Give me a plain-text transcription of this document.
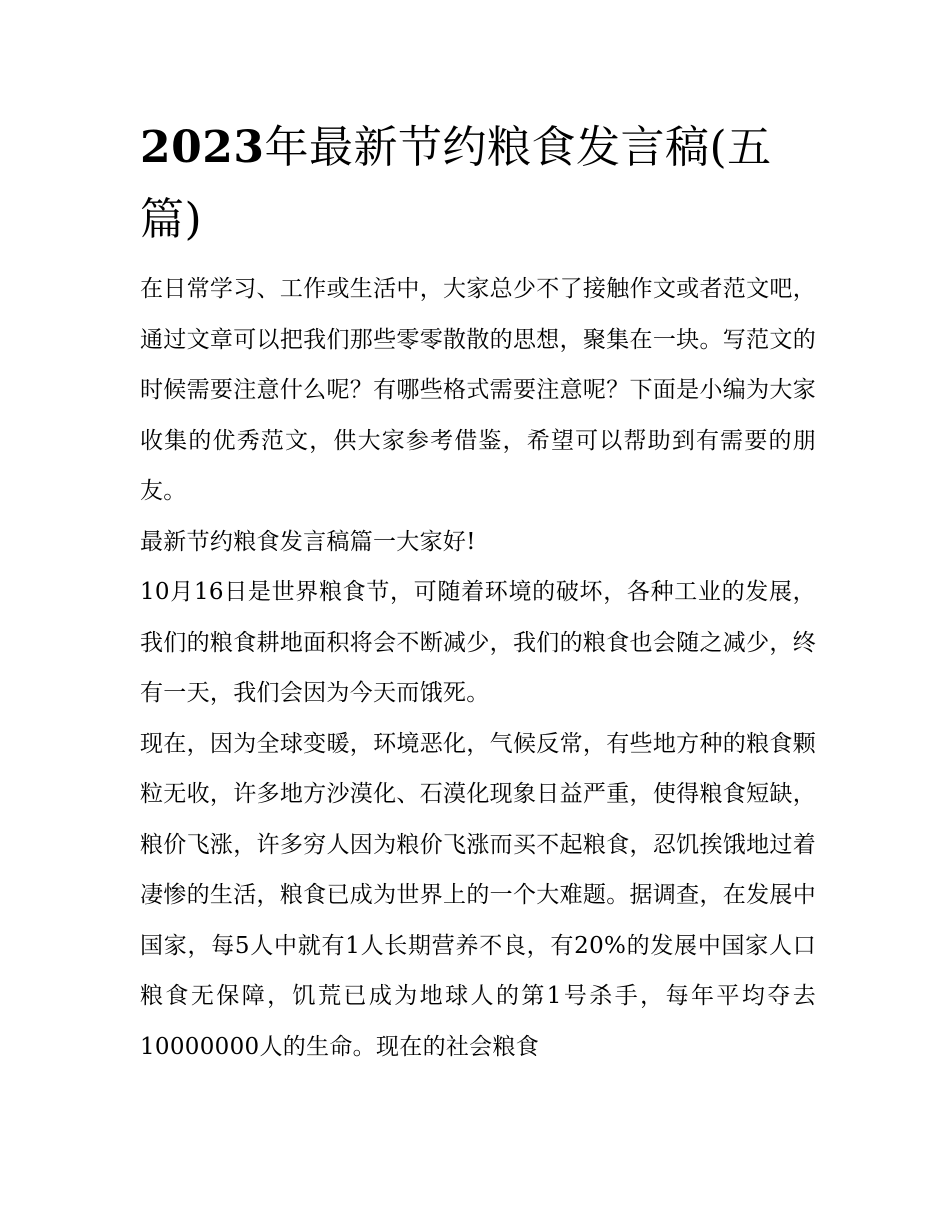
2023年最新节约粮食发言稿(五篇)

在日常学习、工作或生活中，大家总少不了接触作文或者范文吧，通过文章可以把我们那些零零散散的思想，聚集在一块。写范文的时候需要注意什么呢？有哪些格式需要注意呢？下面是小编为大家收集的优秀范文，供大家参考借鉴，希望可以帮助到有需要的朋友。

最新节约粮食发言稿篇一大家好!

10月16日是世界粮食节，可随着环境的破坏，各种工业的发展，我们的粮食耕地面积将会不断减少，我们的粮食也会随之减少，终有一天，我们会因为今天而饿死。

现在，因为全球变暖，环境恶化，气候反常，有些地方种的粮食颗粒无收，许多地方沙漠化、石漠化现象日益严重，使得粮食短缺，粮价飞涨，许多穷人因为粮价飞涨而买不起粮食，忍饥挨饿地过着凄惨的生活，粮食已成为世界上的一个大难题。据调查，在发展中国家，每5人中就有1人长期营养不良，有20%的发展中国家人口粮食无保障，饥荒已成为地球人的第1号杀手，每年平均夺去10000000人的生命。现在的社会粮食
